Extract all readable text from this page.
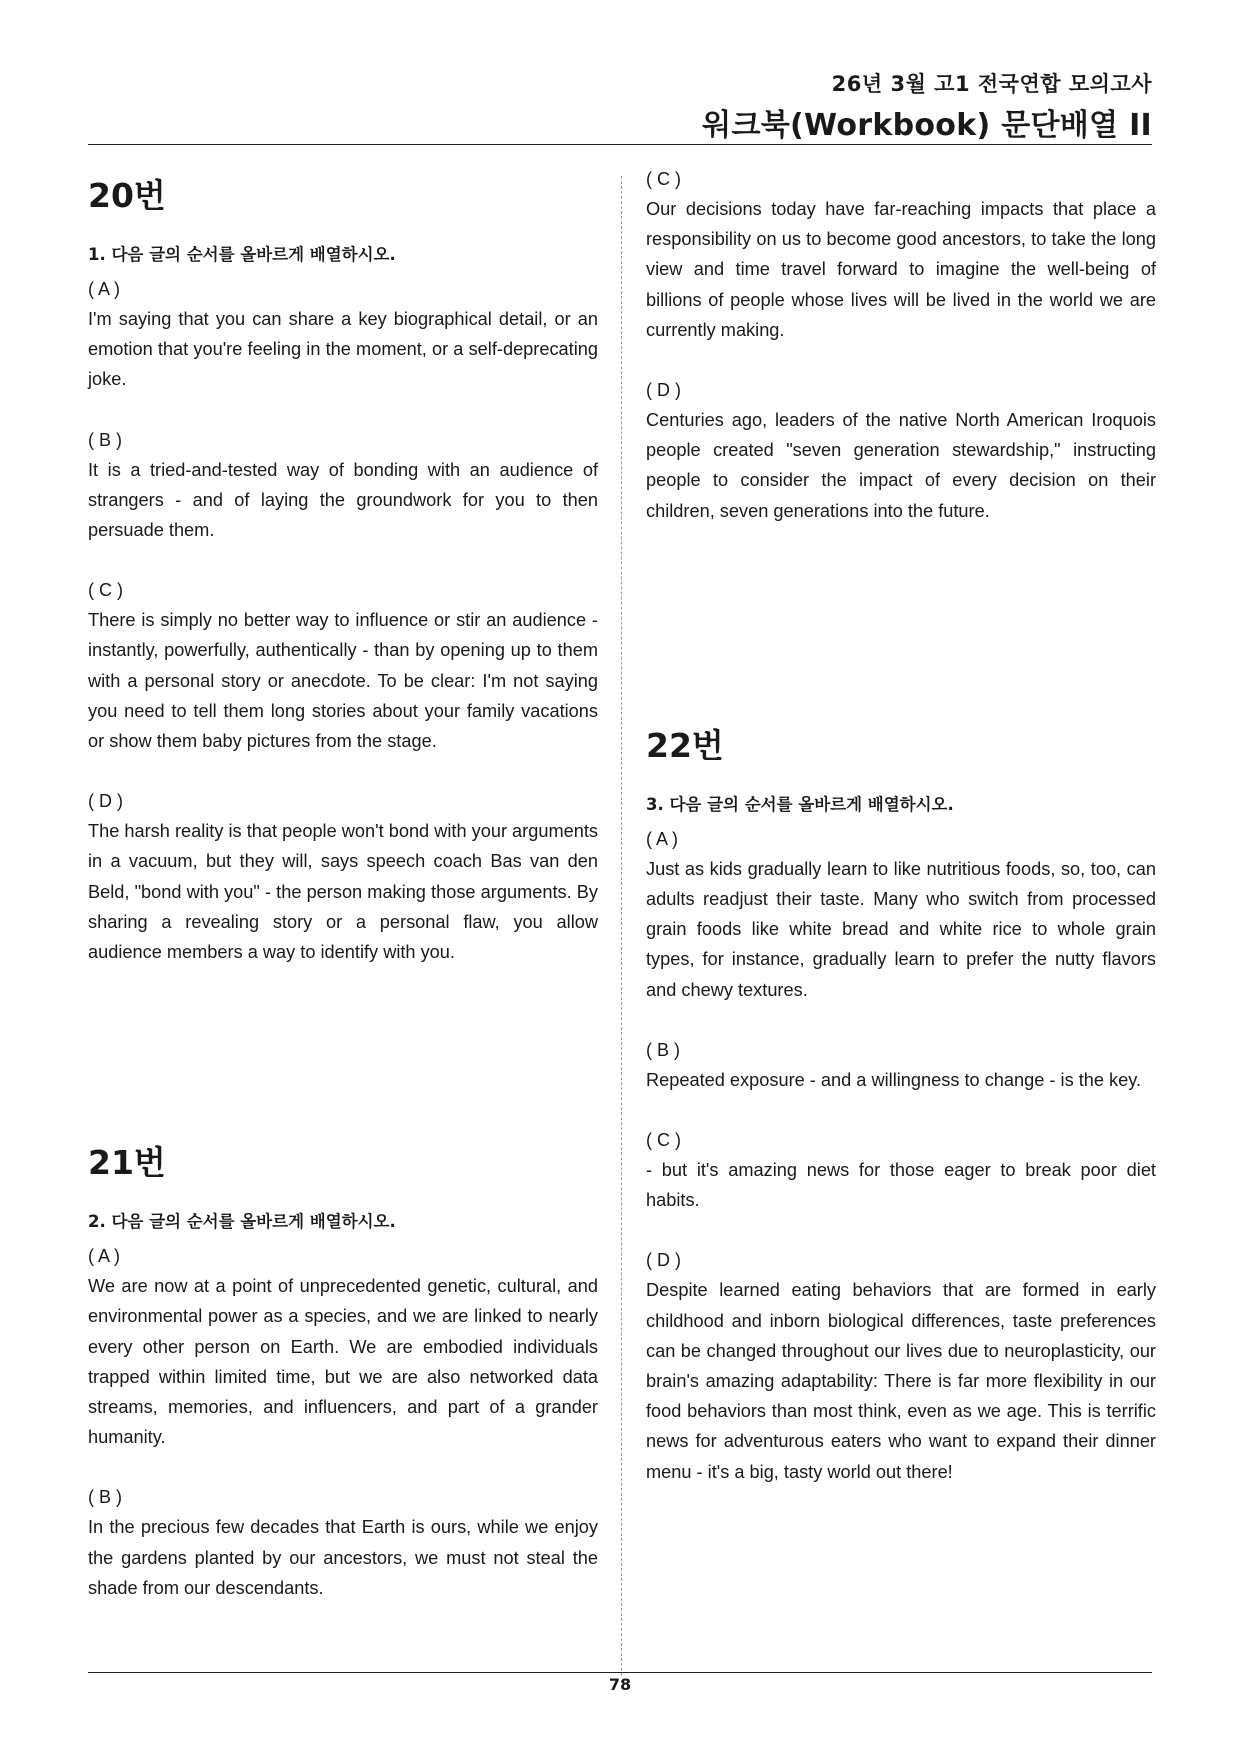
26년 3월 고1 전국연합 모의고사
워크북(Workbook) 문단배열 II
20번

1. 다음 글의 순서를 올바르게 배열하시오.

( A )

I'm saying that you can share a key biographical detail, or an emotion that you're feeling in the moment, or a self-deprecating joke.

( B )

It is a tried-and-tested way of bonding with an audience of strangers - and of laying the groundwork for you to then persuade them.

( C )

There is simply no better way to influence or stir an audience - instantly, powerfully, authentically - than by opening up to them with a personal story or anecdote. To be clear: I'm not saying you need to tell them long stories about your family vacations or show them baby pictures from the stage.

( D )

The harsh reality is that people won't bond with your arguments in a vacuum, but they will, says speech coach Bas van den Beld, "bond with you" - the person making those arguments. By sharing a revealing story or a personal flaw, you allow audience members a way to identify with you.

21번

2. 다음 글의 순서를 올바르게 배열하시오.

( A )

We are now at a point of unprecedented genetic, cultural, and environmental power as a species, and we are linked to nearly every other person on Earth. We are embodied individuals trapped within limited time, but we are also networked data streams, memories, and influencers, and part of a grander humanity.

( B )

In the precious few decades that Earth is ours, while we enjoy the gardens planted by our ancestors, we must not steal the shade from our descendants.

( C )

Our decisions today have far-reaching impacts that place a responsibility on us to become good ancestors, to take the long view and time travel forward to imagine the well-being of billions of people whose lives will be lived in the world we are currently making.

( D )

Centuries ago, leaders of the native North American Iroquois people created "seven generation stewardship," instructing people to consider the impact of every decision on their children, seven generations into the future.

22번

3. 다음 글의 순서를 올바르게 배열하시오.

( A )

Just as kids gradually learn to like nutritious foods, so, too, can adults readjust their taste. Many who switch from processed grain foods like white bread and white rice to whole grain types, for instance, gradually learn to prefer the nutty flavors and chewy textures.

( B )

Repeated exposure - and a willingness to change - is the key.

( C )

- but it's amazing news for those eager to break poor diet habits.

( D )

Despite learned eating behaviors that are formed in early childhood and inborn biological differences, taste preferences can be changed throughout our lives due to neuroplasticity, our brain's amazing adaptability: There is far more flexibility in our food behaviors than most think, even as we age. This is terrific news for adventurous eaters who want to expand their dinner menu - it's a big, tasty world out there!

78
